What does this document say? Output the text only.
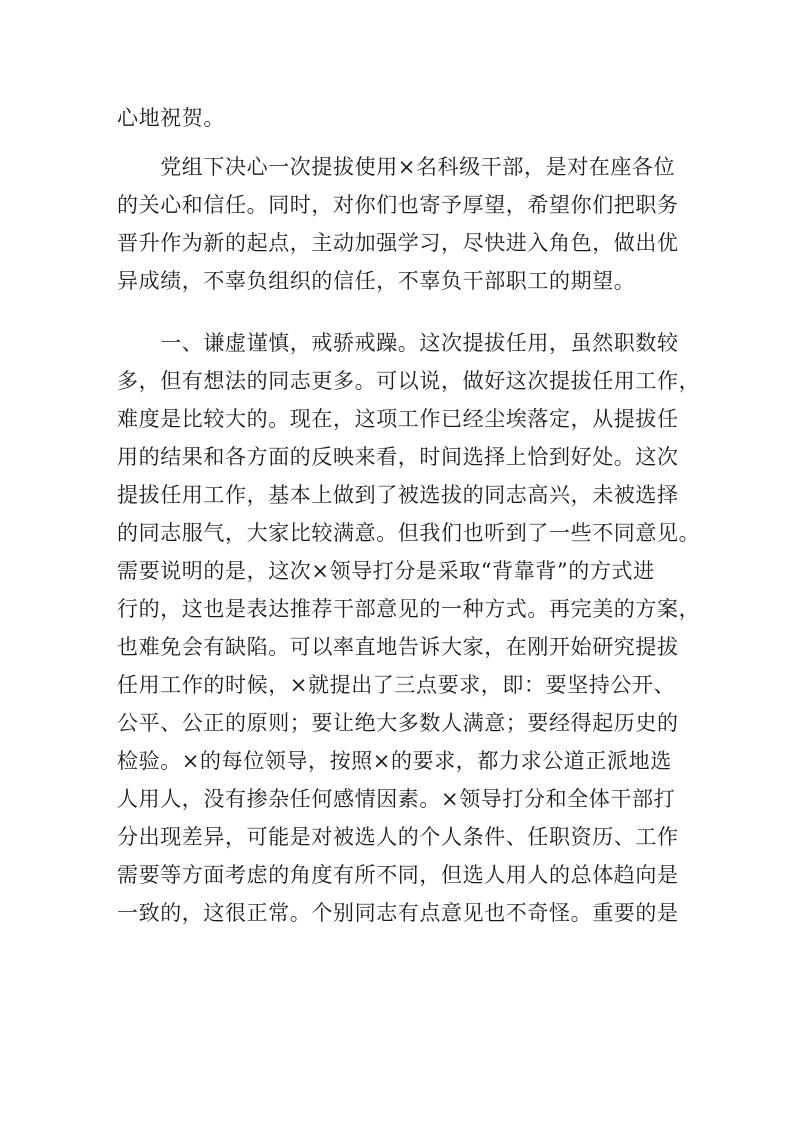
心地祝贺。
　　党组下决心一次提拔使用×名科级干部，是对在座各位
的关心和信任。同时，对你们也寄予厚望，希望你们把职务
晋升作为新的起点，主动加强学习，尽快进入角色，做出优
异成绩，不辜负组织的信任，不辜负干部职工的期望。
　　一、谦虚谨慎，戒骄戒躁。这次提拔任用，虽然职数较
多，但有想法的同志更多。可以说，做好这次提拔任用工作，
难度是比较大的。现在，这项工作已经尘埃落定，从提拔任
用的结果和各方面的反映来看，时间选择上恰到好处。这次
提拔任用工作，基本上做到了被选拔的同志高兴，未被选择
的同志服气，大家比较满意。但我们也听到了一些不同意见。
需要说明的是，这次×领导打分是采取“背靠背”的方式进
行的，这也是表达推荐干部意见的一种方式。再完美的方案，
也难免会有缺陷。可以率直地告诉大家，在刚开始研究提拔
任用工作的时候，×就提出了三点要求，即：要坚持公开、
公平、公正的原则；要让绝大多数人满意；要经得起历史的
检验。×的每位领导，按照×的要求，都力求公道正派地选
人用人，没有掺杂任何感情因素。×领导打分和全体干部打
分出现差异，可能是对被选人的个人条件、任职资历、工作
需要等方面考虑的角度有所不同，但选人用人的总体趋向是
一致的，这很正常。个别同志有点意见也不奇怪。重要的是
